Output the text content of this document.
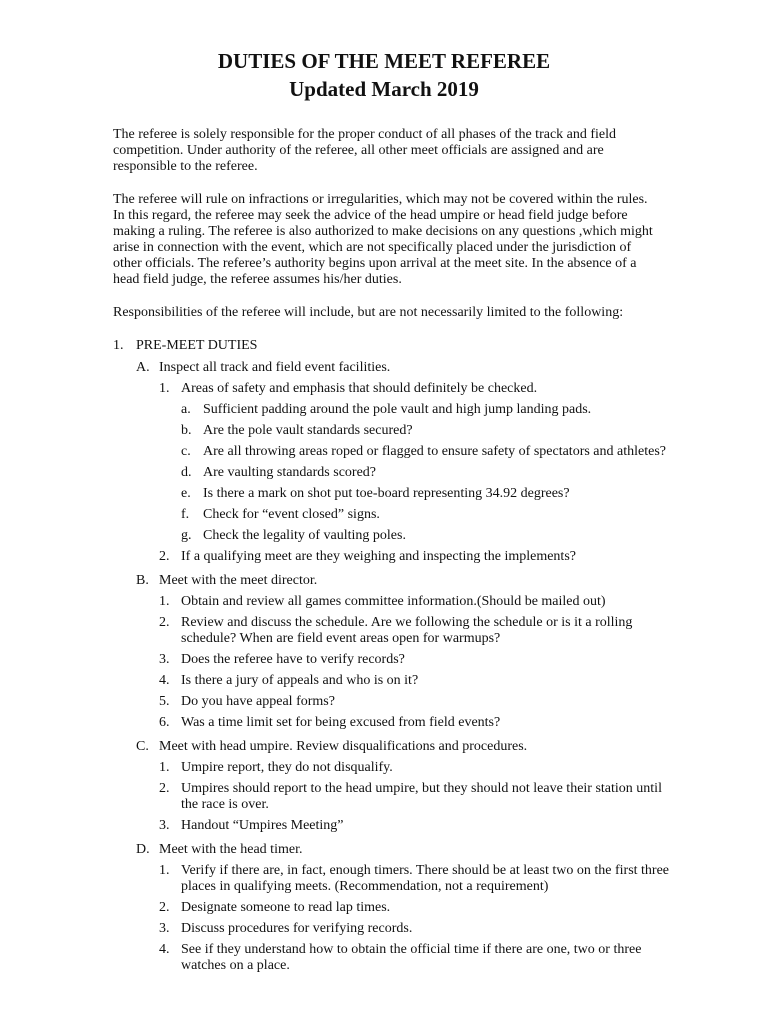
DUTIES OF THE MEET REFEREE
Updated March 2019

The referee is solely responsible for the proper conduct of all phases of the track and field competition. Under authority of the referee, all other meet officials are assigned and are responsible to the referee.

The referee will rule on infractions or irregularities, which may not be covered within the rules. In this regard, the referee may seek the advice of the head umpire or head field judge before making a ruling. The referee is also authorized to make decisions on any questions ,which might arise in connection with the event, which are not specifically placed under the jurisdiction of other officials. The referee’s authority begins upon arrival at the meet site. In the absence of a head field judge, the referee assumes his/her duties.

Responsibilities of the referee will include, but are not necessarily limited to the following:

1. PRE-MEET DUTIES
A. Inspect all track and field event facilities.
1. Areas of safety and emphasis that should definitely be checked.
a. Sufficient padding around the pole vault and high jump landing pads.
b. Are the pole vault standards secured?
c. Are all throwing areas roped or flagged to ensure safety of spectators and athletes?
d. Are vaulting standards scored?
e. Is there a mark on shot put toe-board representing 34.92 degrees?
f. Check for “event closed” signs.
g. Check the legality of vaulting poles.
2. If a qualifying meet are they weighing and inspecting the implements?
B. Meet with the meet director.
1. Obtain and review all games committee information.(Should be mailed out)
2. Review and discuss the schedule. Are we following the schedule or is it a rolling schedule? When are field event areas open for warmups?
3. Does the referee have to verify records?
4. Is there a jury of appeals and who is on it?
5. Do you have appeal forms?
6. Was a time limit set for being excused from field events?
C. Meet with head umpire. Review disqualifications and procedures.
1. Umpire report, they do not disqualify.
2. Umpires should report to the head umpire, but they should not leave their station until the race is over.
3. Handout “Umpires Meeting”
D. Meet with the head timer.
1. Verify if there are, in fact, enough timers. There should be at least two on the first three places in qualifying meets. (Recommendation, not a requirement)
2. Designate someone to read lap times.
3. Discuss procedures for verifying records.
4. See if they understand how to obtain the official time if there are one, two or three watches on a place.
